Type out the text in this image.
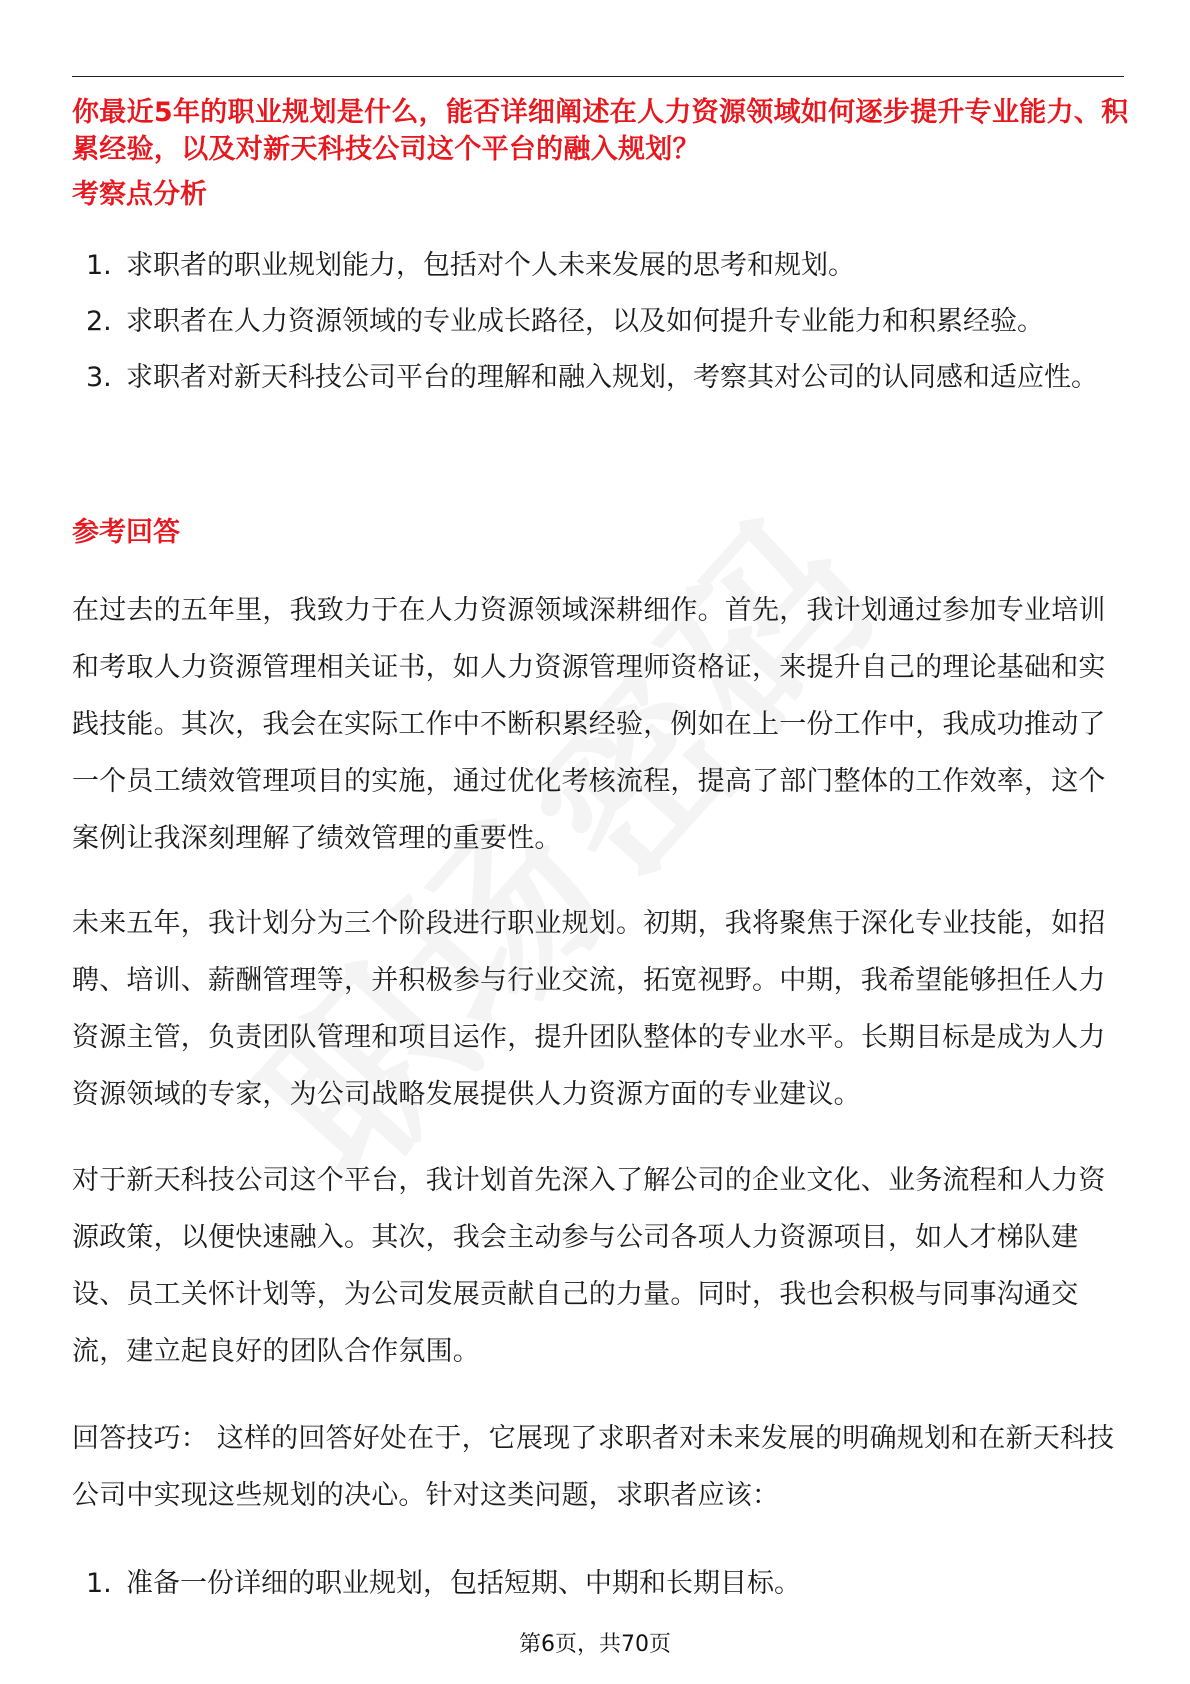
你最近5年的职业规划是什么，能否详细阐述在人力资源领域如何逐步提升专业能力、积累经验，以及对新天科技公司这个平台的融入规划？

考察点分析

1. 求职者的职业规划能力，包括对个人未来发展的思考和规划。
2. 求职者在人力资源领域的专业成长路径，以及如何提升专业能力和积累经验。
3. 求职者对新天科技公司平台的理解和融入规划，考察其对公司的认同感和适应性。

参考回答

在过去的五年里，我致力于在人力资源领域深耕细作。首先，我计划通过参加专业培训和考取人力资源管理相关证书，如人力资源管理师资格证，来提升自己的理论基础和实践技能。其次，我会在实际工作中不断积累经验，例如在上一份工作中，我成功推动了一个员工绩效管理项目的实施，通过优化考核流程，提高了部门整体的工作效率，这个案例让我深刻理解了绩效管理的重要性。

未来五年，我计划分为三个阶段进行职业规划。初期，我将聚焦于深化专业技能，如招聘、培训、薪酬管理等，并积极参与行业交流，拓宽视野。中期，我希望能够担任人力资源主管，负责团队管理和项目运作，提升团队整体的专业水平。长期目标是成为人力资源领域的专家，为公司战略发展提供人力资源方面的专业建议。

对于新天科技公司这个平台，我计划首先深入了解公司的企业文化、业务流程和人力资源政策，以便快速融入。其次，我会主动参与公司各项人力资源项目，如人才梯队建设、员工关怀计划等，为公司发展贡献自己的力量。同时，我也会积极与同事沟通交流，建立起良好的团队合作氛围。

回答技巧： 这样的回答好处在于，它展现了求职者对未来发展的明确规划和在新天科技公司中实现这些规划的决心。针对这类问题，求职者应该：

1. 准备一份详细的职业规划，包括短期、中期和长期目标。
第6页，共70页
